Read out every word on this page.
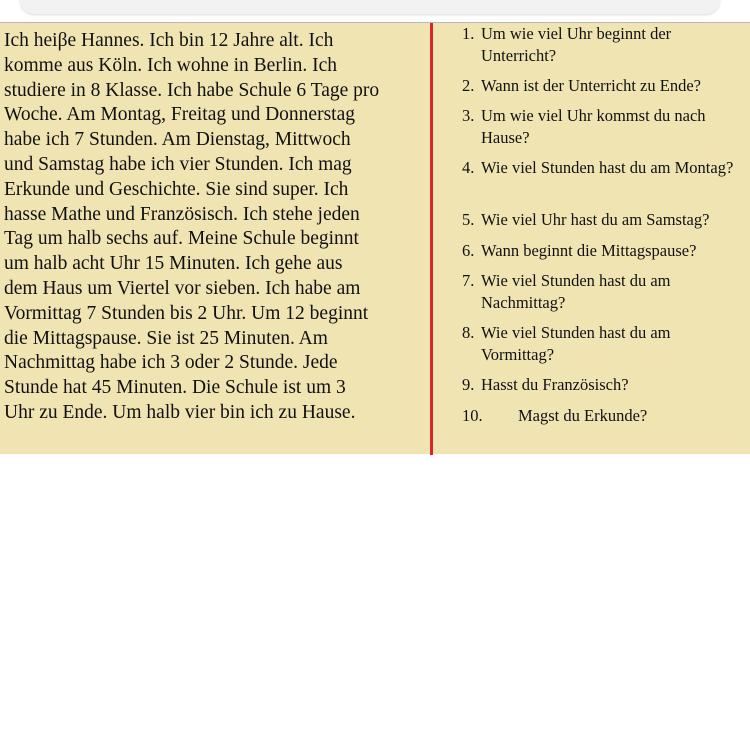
Ich heiβe Hannes. Ich bin 12 Jahre alt. Ich
komme aus Köln. Ich wohne in Berlin. Ich
studiere in 8 Klasse. Ich habe Schule 6 Tage pro
Woche. Am Montag, Freitag und Donnerstag
habe ich 7 Stunden. Am Dienstag, Mittwoch
und Samstag habe ich vier Stunden. Ich mag
Erkunde und Geschichte. Sie sind super. Ich
hasse Mathe und Französisch. Ich stehe jeden
Tag um halb sechs auf. Meine Schule beginnt
um halb acht Uhr 15 Minuten. Ich gehe aus
dem Haus um Viertel vor sieben. Ich habe am
Vormittag 7 Stunden bis 2 Uhr. Um 12 beginnt
die Mittagspause. Sie ist 25 Minuten. Am
Nachmittag habe ich 3 oder 2 Stunde. Jede
Stunde hat 45 Minuten. Die Schule ist um 3
Uhr zu Ende. Um halb vier bin ich zu Hause.

1. Um wie viel Uhr beginnt der Unterricht?
2. Wann ist der Unterricht zu Ende?
3. Um wie viel Uhr kommst du nach Hause?
4. Wie viel Stunden hast du am Montag?
5. Wie viel Uhr hast du am Samstag?
6. Wann beginnt die Mittagspause?
7. Wie viel Stunden hast du am Nachmittag?
8. Wie viel Stunden hast du am Vormittag?
9. Hasst du Französisch?
10. Magst du Erkunde?
